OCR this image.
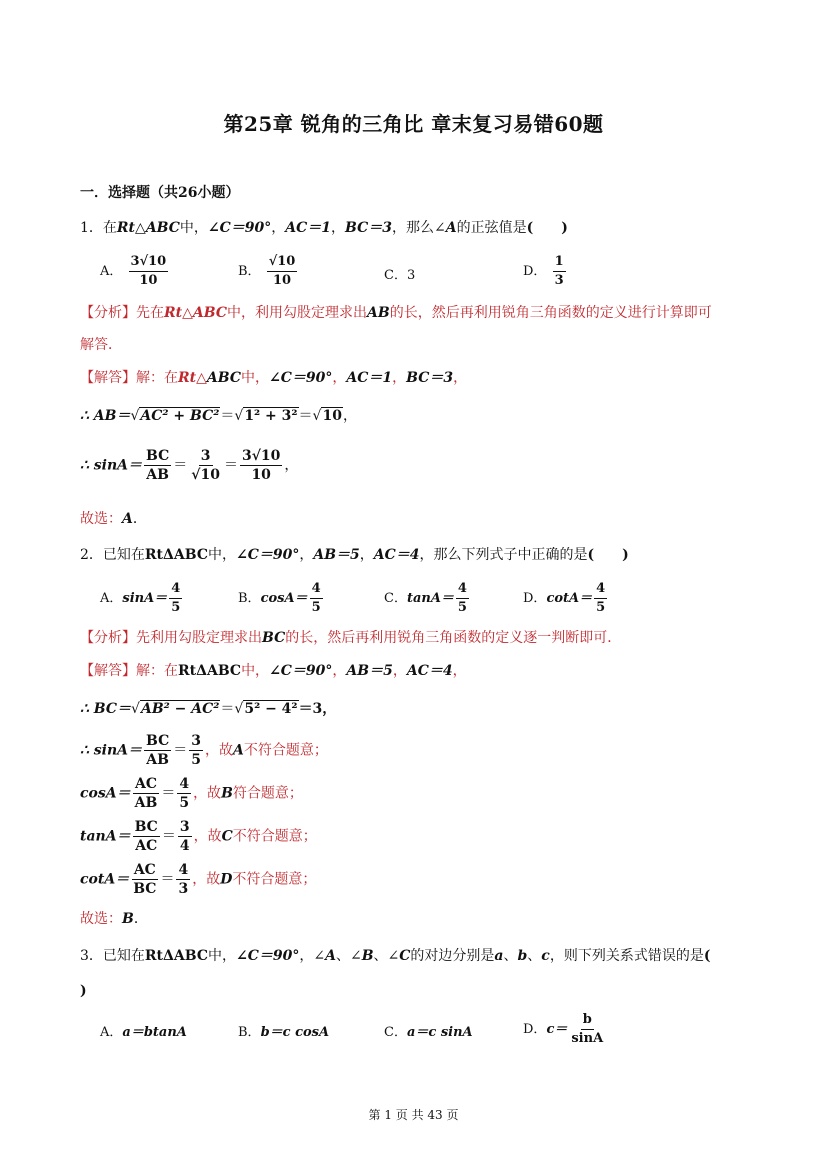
第25章 锐角的三角比 章末复习易错60题
一．选择题（共26小题）
1．在Rt△ABC中，∠C＝90°，AC＝1，BC＝3，那么∠A的正弦值是(　　)
A． $\frac{3√10}{10}$	B． $\frac{√10}{10}$	C．3	D． $\frac{1}{3}$
【分析】先在Rt△ABC中，利用勾股定理求出AB的长，然后再利用锐角三角函数的定义进行计算即可
解答．
【解答】解：在Rt△ABC中，∠C＝90°，AC＝1，BC＝3，
∴ AB＝√AC² + BC²＝√1² + 3²＝√10，
∴ $\sin A= \frac{BC}{AB} = \frac{3}{√10} = \frac{3√10}{10}$ ，
故选：A．
2．已知在RtΔABC中，∠C＝90°，AB＝5，AC＝4，那么下列式子中正确的是(　　)
A．$\sin A= \frac{4}{5}$	B．$\cos A= \frac{4}{5}$	C．$\tan A= \frac{4}{5}$	D．$\cot A= \frac{4}{5}$
【分析】先利用勾股定理求出BC的长，然后再利用锐角三角函数的定义逐一判断即可．
【解答】解：在RtΔABC中，∠C＝90°，AB＝5，AC＝4，
∴ BC＝√AB² − AC²＝√5² − 4²＝3，
∴ $\sin A= \frac{BC}{AB} = \frac{3}{5}$ ，故A不符合题意；
$\cos A= \frac{AC}{AB} = \frac{4}{5}$ ，故B符合题意；
$\tan A= \frac{BC}{AC} = \frac{3}{4}$ ，故C不符合题意；
$\cot A= \frac{AC}{BC} = \frac{4}{3}$ ，故D不符合题意；
故选：B．
3．已知在RtΔABC中，∠C＝90°，∠A、∠B、∠C的对边分别是a、b、c，则下列关系式错误的是(
)
A．a＝btanA	B．b＝c cosA	C．a＝c sinA	D．$c= \frac{b}{\sin A}$
第 1 页 共 43 页
